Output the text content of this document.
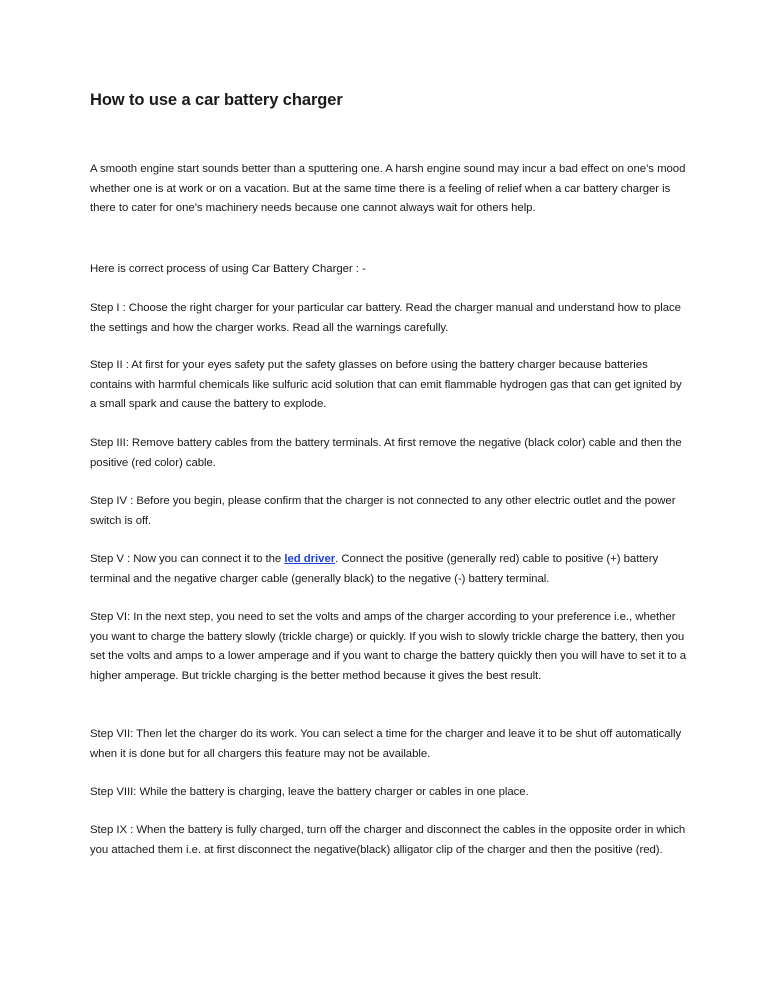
How to use a car battery charger

A smooth engine start sounds better than a sputtering one. A harsh engine sound may incur a bad effect on one’s mood whether one is at work or on a vacation. But at the same time there is a feeling of relief when a car battery charger is there to cater for one’s machinery needs because one cannot always wait for others help.

Here is correct process of using Car Battery Charger : -

Step I : Choose the right charger for your particular car battery. Read the charger manual and understand how to place the settings and how the charger works. Read all the warnings carefully.

Step II : At first for your eyes safety put the safety glasses on before using the battery charger because batteries contains with harmful chemicals like sulfuric acid solution that can emit flammable hydrogen gas that can get ignited by a small spark and cause the battery to explode.

Step III: Remove battery cables from the battery terminals. At first remove the negative (black color) cable and then the positive (red color) cable.

Step IV : Before you begin, please confirm that the charger is not connected to any other electric outlet and the power switch is off.

Step V : Now you can connect it to the led driver. Connect the positive (generally red) cable to positive (+) battery terminal and the negative charger cable (generally black) to the negative (-) battery terminal.

Step VI: In the next step, you need to set the volts and amps of the charger according to your preference i.e., whether you want to charge the battery slowly (trickle charge) or quickly. If you wish to slowly trickle charge the battery, then you set the volts and amps to a lower amperage and if you want to charge the battery quickly then you will have to set it to a higher amperage. But trickle charging is the better method because it gives the best result.

Step VII: Then let the charger do its work. You can select a time for the charger and leave it to be shut off automatically when it is done but for all chargers this feature may not be available.

Step VIII: While the battery is charging, leave the battery charger or cables in one place.

Step IX : When the battery is fully charged, turn off the charger and disconnect the cables in the opposite order in which you attached them i.e. at first disconnect the negative(black) alligator clip of the charger and then the positive (red).
